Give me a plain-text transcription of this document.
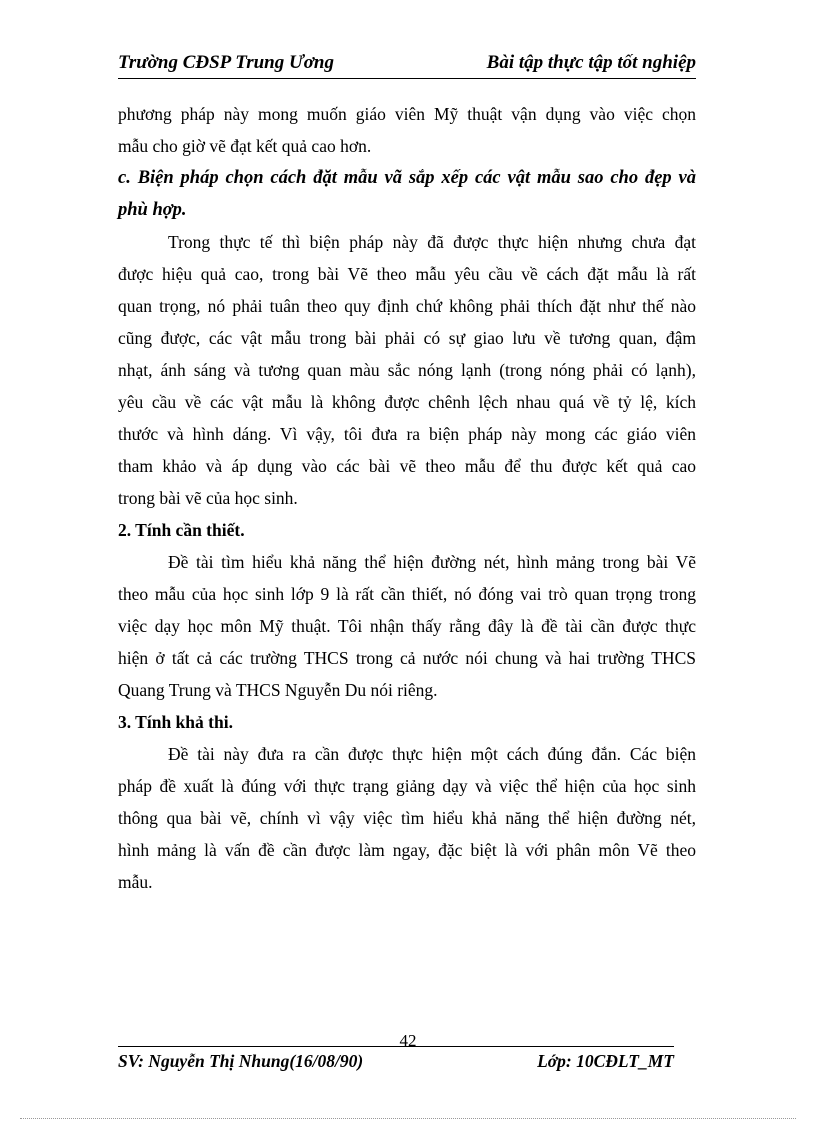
Trường CĐSP Trung Ương	Bài tập thực tập tốt nghiệp
phương pháp này mong muốn giáo viên Mỹ thuật vận dụng vào việc chọn
mẫu cho giờ vẽ đạt kết quả cao hơn.
c. Biện pháp chọn cách đặt mẫu vã sắp xếp các vật mẫu sao cho đẹp và
phù hợp.
Trong thực tế thì biện pháp này đã được thực hiện nhưng chưa đạt
được hiệu quả cao, trong bài Vẽ theo mẫu yêu cầu về cách đặt mẫu là rất
quan trọng, nó phải tuân theo quy định chứ không phải thích đặt như thế nào
cũng được, các vật mẫu trong bài phải có sự giao lưu về tương quan, đậm
nhạt, ánh sáng và tương quan màu sắc nóng lạnh (trong nóng phải có lạnh),
yêu cầu về các vật mẫu là không được chênh lệch nhau quá về tỷ lệ, kích
thước và hình dáng. Vì vậy, tôi đưa ra biện pháp này mong các giáo viên
tham khảo và áp dụng vào các bài vẽ theo mẫu để thu được kết quả cao
trong bài vẽ của học sinh.
2. Tính cần thiết.
Đề tài tìm hiểu khả năng thể hiện đường nét, hình mảng trong bài Vẽ
theo mẫu của học sinh lớp 9 là rất cần thiết, nó đóng vai trò quan trọng trong
việc dạy học môn Mỹ thuật. Tôi nhận thấy rằng đây là đề tài cần được thực
hiện ở tất cả các trường THCS trong cả nước nói chung và hai trường THCS
Quang Trung và THCS Nguyễn Du nói riêng.
3. Tính khả thi.
Đề tài này đưa ra cần được thực hiện một cách đúng đắn. Các biện
pháp đề xuất là đúng với thực trạng giảng dạy và việc thể hiện của học sinh
thông qua bài vẽ, chính vì vậy việc tìm hiểu khả năng thể hiện đường nét,
hình mảng là vấn đề cần được làm ngay, đặc biệt là với phân môn Vẽ theo
mẫu.
42
SV: Nguyễn Thị Nhung(16/08/90)	Lớp: 10CĐLT_MT
